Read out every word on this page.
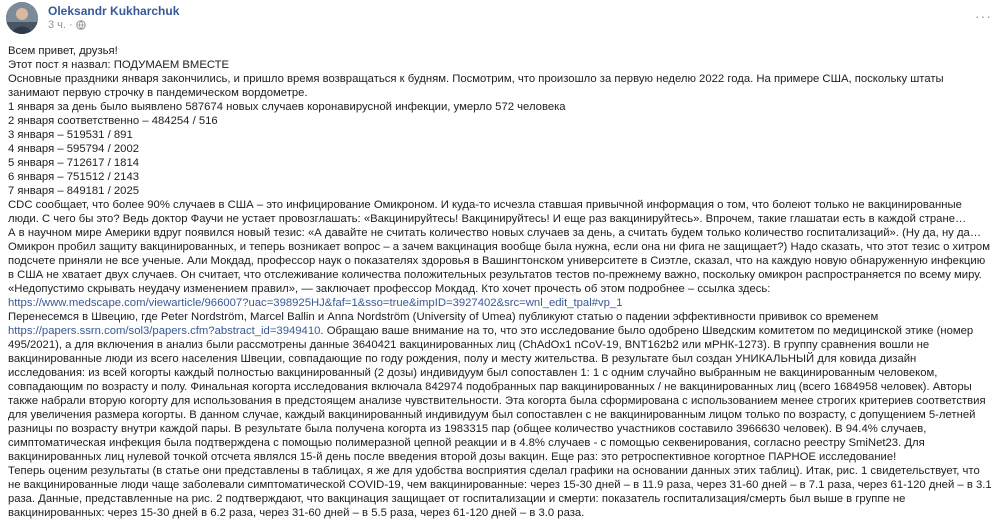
Oleksandr Kukharchuk
3 ч. ·
···

Всем привет, друзья!

Этот пост я назвал: ПОДУМАЕМ ВМЕСТЕ

Основные праздники января закончились, и пришло время возвращаться к будням. Посмотрим, что произошло за первую неделю 2022 года. На примере США, поскольку штаты занимают первую строчку в пандемическом вордометре.

1 января за день было выявлено 587674 новых случаев коронавирусной инфекции, умерло 572 человека

2 января соответственно – 484254 / 516

3 января – 519531 / 891

4 января – 595794 / 2002

5 января – 712617 / 1814

6 января – 751512 / 2143

7 января – 849181 / 2025

CDC сообщает, что более 90% случаев в США – это инфицирование Омикроном. И куда-то исчезла ставшая привычной информация о том, что болеют только не вакцинированные люди. С чего бы это? Ведь доктор Фаучи не устает провозглашать: «Вакцинируйтесь! Вакцинируйтесь! И еще раз вакцинируйтесь». Впрочем, такие глашатаи есть в каждой стране…

А в научном мире Америки вдруг появился новый тезис: «А давайте не считать количество новых случаев за день, а считать будем только количество госпитализаций». (Ну да, ну да… Омикрон пробил защиту вакцинированных, и теперь возникает вопрос – а зачем вакцинация вообще была нужна, если она ни фига не защищает?) Надо сказать, что этот тезис о хитром подсчете приняли не все ученые. Али Мокдад, профессор наук о показателях здоровья в Вашингтонском университете в Сиэтле, сказал, что на каждую новую обнаруженную инфекцию в США не хватает двух случаев. Он считает, что отслеживание количества положительных результатов тестов по-прежнему важно, поскольку омикрон распространяется по всему миру. «Недопустимо скрывать неудачу изменением правил», — заключает профессор Мокдад. Кто хочет прочесть об этом подробнее – ссылка здесь:

https://www.medscape.com/viewarticle/966007?uac=398925HJ&faf=1&sso=true&impID=3927402&src=wnl_edit_tpal#vp_1

Перенесемся в Швецию, где Peter Nordström, Marcel Ballin и Anna Nordström (University of Umea) публикуют статью о падении эффективности прививок со временем https://papers.ssrn.com/sol3/papers.cfm?abstract_id=3949410. Обращаю ваше внимание на то, что это исследование было одобрено Шведским комитетом по медицинской этике (номер 495/2021), а для включения в анализ были рассмотрены данные 3640421 вакцинированных лиц (ChAdOx1 nCoV-19, BNT162b2 или мРНК-1273). В группу сравнения вошли не вакцинированные люди из всего населения Швеции, совпадающие по году рождения, полу и месту жительства. В результате был создан УНИКАЛЬНЫЙ для ковида дизайн исследования: из всей когорты каждый полностью вакцинированный (2 дозы) индивидуум был сопоставлен 1: 1 с одним случайно выбранным не вакцинированным человеком, совпадающим по возрасту и полу. Финальная когорта исследования включала 842974 подобранных пар вакцинированных / не вакцинированных лиц (всего 1684958 человек). Авторы также набрали вторую когорту для использования в предстоящем анализе чувствительности. Эта когорта была сформирована с использованием менее строгих критериев соответствия для увеличения размера когорты. В данном случае, каждый вакцинированный индивидуум был сопоставлен с не вакцинированным лицом только по возрасту, с допущением 5-летней разницы по возрасту внутри каждой пары. В результате была получена когорта из 1983315 пар (общее количество участников составило 3966630 человек). В 94.4% случаев, симптоматическая инфекция была подтверждена с помощью полимеразной цепной реакции и в 4.8% случаев - с помощью секвенирования, согласно реестру SmiNet23. Для вакцинированных лиц нулевой точкой отсчета являлся 15-й день после введения второй дозы вакцин. Еще раз: это ретроспективное когортное ПАРНОЕ исследование!

Теперь оценим результаты (в статье они представлены в таблицах, я же для удобства восприятия сделал графики на основании данных этих таблиц). Итак, рис. 1 свидетельствует, что не вакцинированные люди чаще заболевали симптоматической COVID-19, чем вакцинированные: через 15-30 дней – в 11.9 раза, через 31-60 дней – в 7.1 раза, через 61-120 дней – в 3.1 раза. Данные, представленные на рис. 2 подтверждают, что вакцинация защищает от госпитализации и смерти: показатель госпитализация/смерть был выше в группе не вакцинированных: через 15-30 дней в 6.2 раза, через 31-60 дней – в 5.5 раза, через 61-120 дней – в 3.0 раза.
